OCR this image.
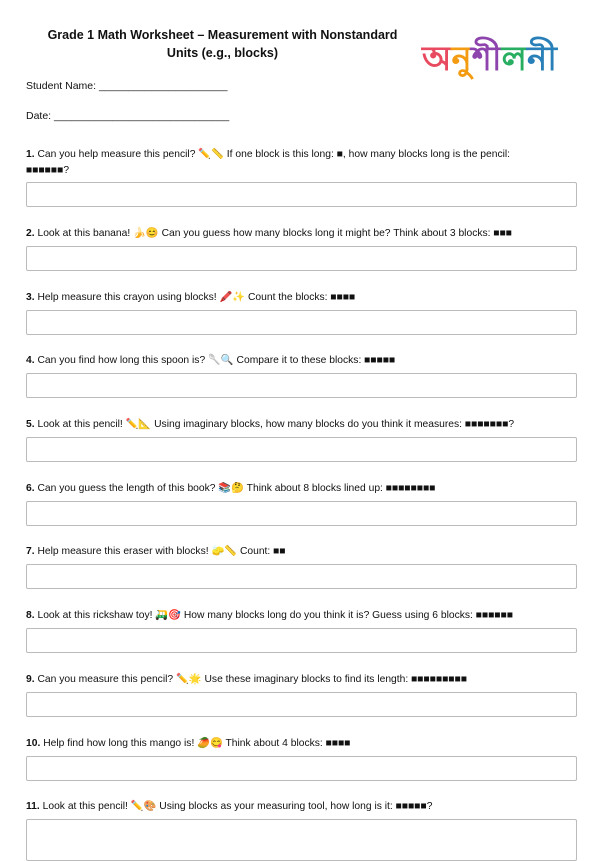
Grade 1 Math Worksheet – Measurement with Nonstandard
Units (e.g., blocks)	অনুশীলনী
Student Name: ______________________
Date: ______________________________
1. Can you help measure this pencil? ✏️📏 If one block is this long: ■, how many blocks long is the pencil:
■■■■■■?
2. Look at this banana! 🍌😊 Can you guess how many blocks long it might be? Think about 3 blocks: ■■■
3. Help measure this crayon using blocks! 🖍️✨ Count the blocks: ■■■■
4. Can you find how long this spoon is? 🥄🔍 Compare it to these blocks: ■■■■■
5. Look at this pencil! ✏️📐 Using imaginary blocks, how many blocks do you think it measures: ■■■■■■■?
6. Can you guess the length of this book? 📚🤔 Think about 8 blocks lined up: ■■■■■■■■
7. Help measure this eraser with blocks! 🧽📏 Count: ■■
8. Look at this rickshaw toy! 🛺🎯 How many blocks long do you think it is? Guess using 6 blocks: ■■■■■■
9. Can you measure this pencil? ✏️🌟 Use these imaginary blocks to find its length: ■■■■■■■■■
10. Help find how long this mango is! 🥭😋 Think about 4 blocks: ■■■■
11. Look at this pencil! ✏️🎨 Using blocks as your measuring tool, how long is it: ■■■■■?
